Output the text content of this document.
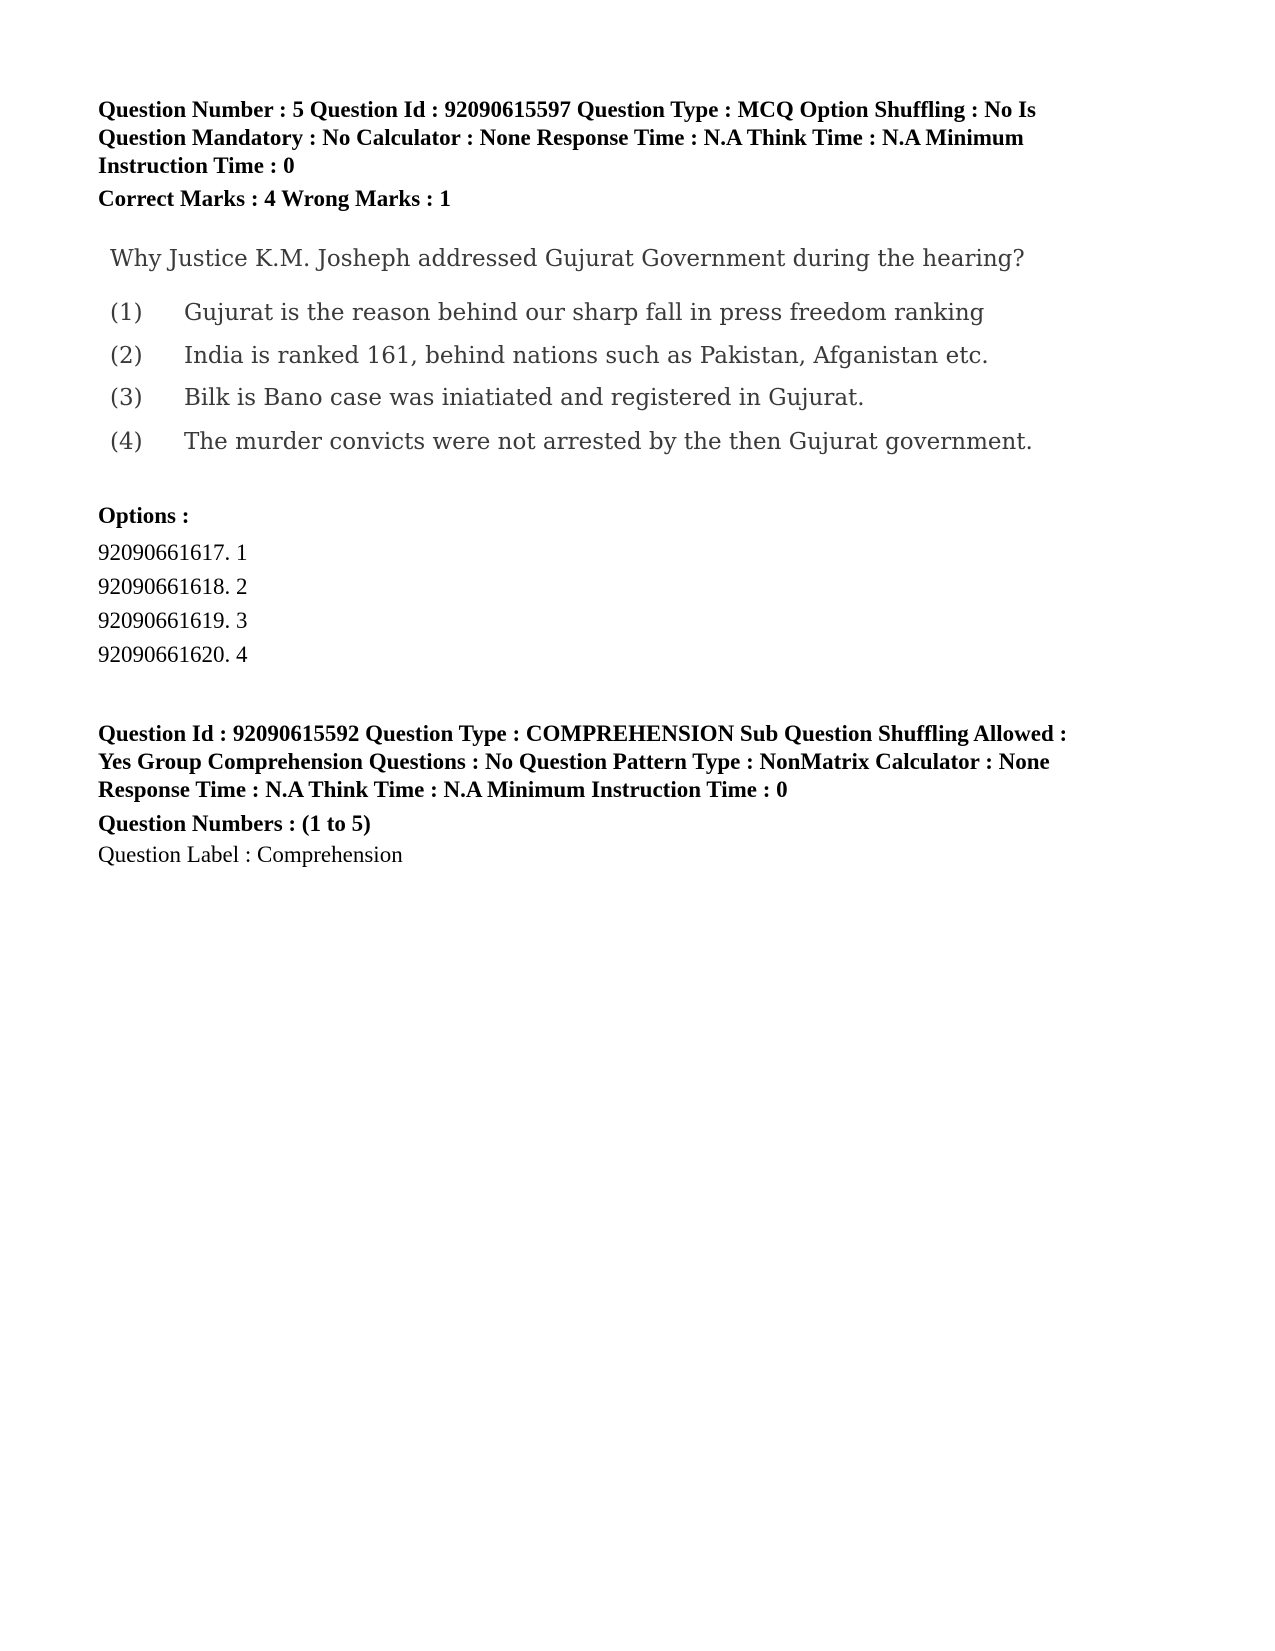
Question Number : 5 Question Id : 92090615597 Question Type : MCQ Option Shuffling : No Is
Question Mandatory : No Calculator : None Response Time : N.A Think Time : N.A Minimum
Instruction Time : 0
Correct Marks : 4 Wrong Marks : 1
Why Justice K.M. Josheph addressed Gujurat Government during the hearing?
(1) Gujurat is the reason behind our sharp fall in press freedom ranking
(2) India is ranked 161, behind nations such as Pakistan, Afganistan etc.
(3) Bilk is Bano case was iniatiated and registered in Gujurat.
(4) The murder convicts were not arrested by the then Gujurat government.
Options :
92090661617. 1
92090661618. 2
92090661619. 3
92090661620. 4
Question Id : 92090615592 Question Type : COMPREHENSION Sub Question Shuffling Allowed :
Yes Group Comprehension Questions : No Question Pattern Type : NonMatrix Calculator : None
Response Time : N.A Think Time : N.A Minimum Instruction Time : 0
Question Numbers : (1 to 5)
Question Label : Comprehension
